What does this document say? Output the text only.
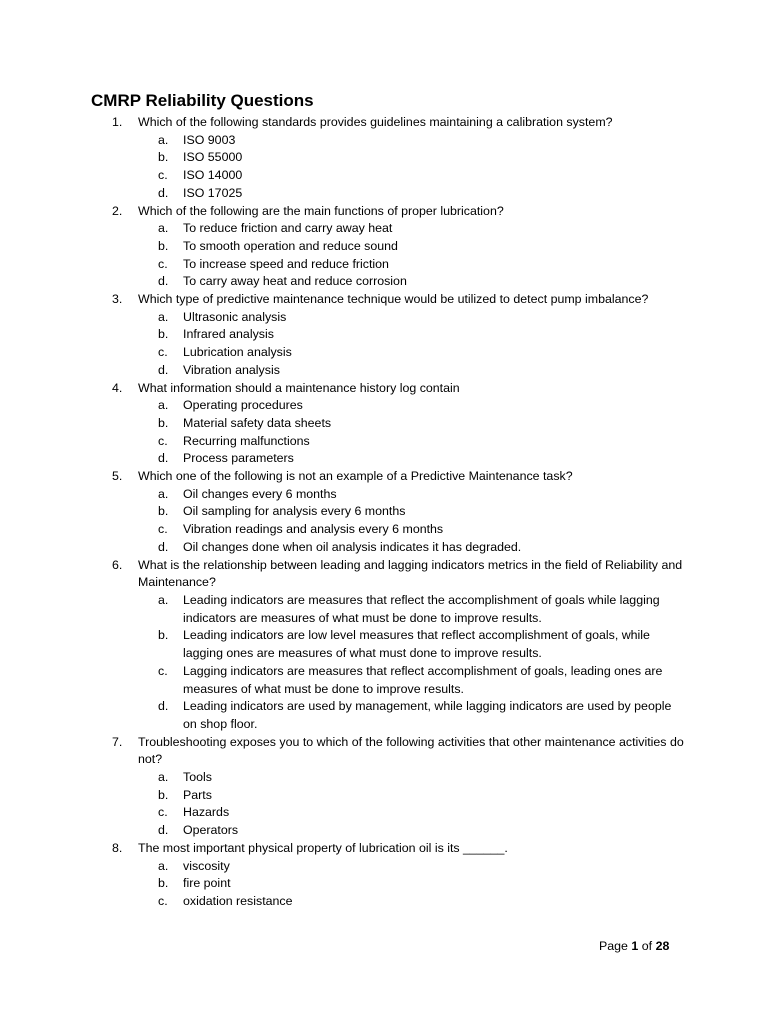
CMRP Reliability Questions
1.	Which of the following standards provides guidelines maintaining a calibration system?
a. ISO 9003
b. ISO 55000
c. ISO 14000
d. ISO 17025
2.	Which of the following are the main functions of proper lubrication?
a. To reduce friction and carry away heat
b. To smooth operation and reduce sound
c. To increase speed and reduce friction
d. To carry away heat and reduce corrosion
3.	Which type of predictive maintenance technique would be utilized to detect pump imbalance?
a. Ultrasonic analysis
b. Infrared analysis
c. Lubrication analysis
d. Vibration analysis
4.	What information should a maintenance history log contain
a. Operating procedures
b. Material safety data sheets
c. Recurring malfunctions
d. Process parameters
5.	Which one of the following is not an example of a Predictive Maintenance task?
a. Oil changes every 6 months
b. Oil sampling for analysis every 6 months
c. Vibration readings and analysis every 6 months
d. Oil changes done when oil analysis indicates it has degraded.
6.	What is the relationship between leading and lagging indicators metrics in the field of Reliability and Maintenance?
a. Leading indicators are measures that reflect the accomplishment of goals while lagging indicators are measures of what must be done to improve results.
b. Leading indicators are low level measures that reflect accomplishment of goals, while lagging ones are measures of what must done to improve results.
c. Lagging indicators are measures that reflect accomplishment of goals, leading ones are measures of what must be done to improve results.
d. Leading indicators are used by management, while lagging indicators are used by people on shop floor.
7.	Troubleshooting exposes you to which of the following activities that other maintenance activities do not?
a. Tools
b. Parts
c. Hazards
d. Operators
8.	The most important physical property of lubrication oil is its ______.
a. viscosity
b. fire point
c. oxidation resistance
Page 1 of 28
